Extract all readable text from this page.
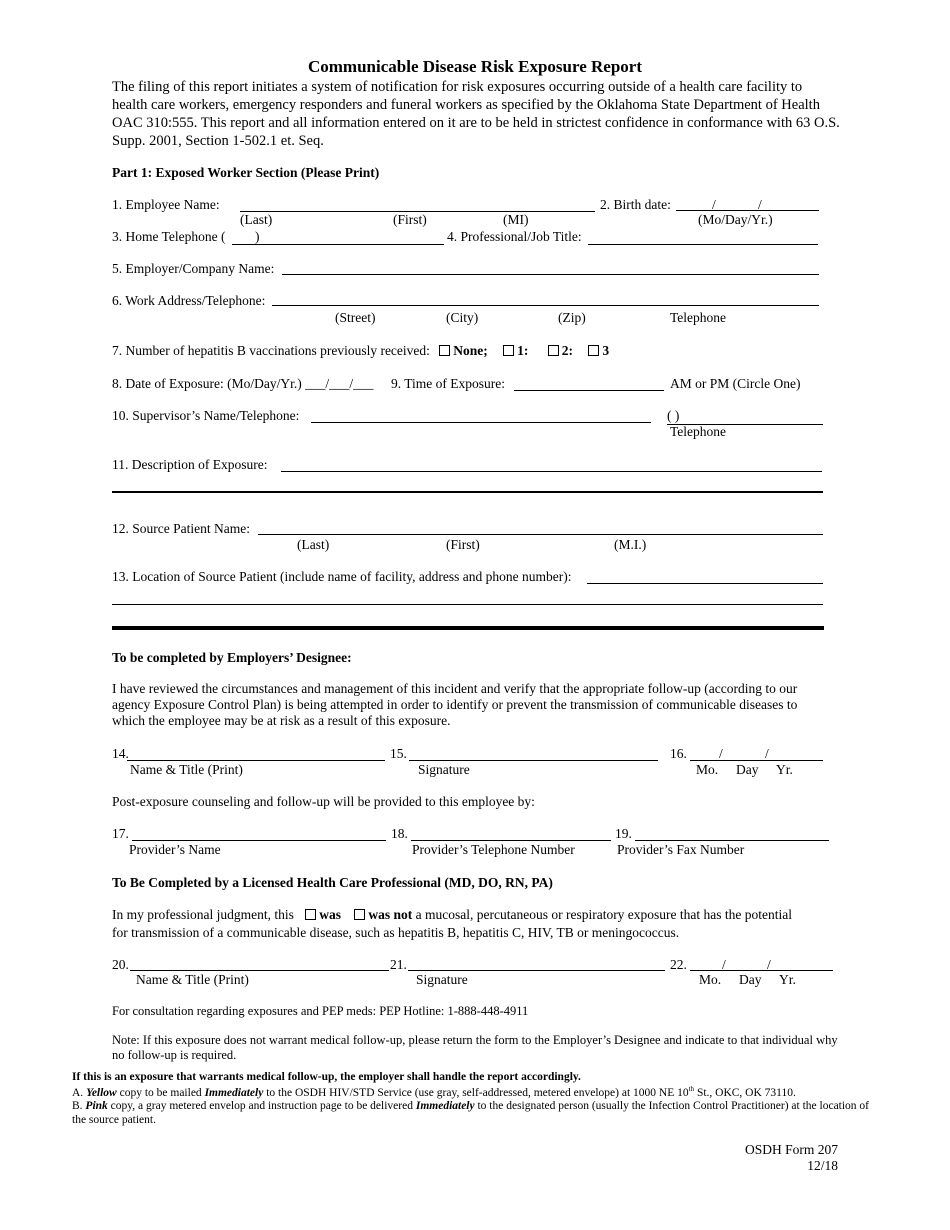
Communicable Disease Risk Exposure Report
The filing of this report initiates a system of notification for risk exposures occurring outside of a health care facility to health care workers, emergency responders and funeral workers as specified by the Oklahoma State Department of Health OAC 310:555. This report and all information entered on it are to be held in strictest confidence in conformance with 63 O.S. Supp. 2001, Section 1-502.1 et. Seq.
Part 1: Exposed Worker Section (Please Print)
1. Employee Name:
(Last)	(First)	(MI)
2. Birth date:	/	/
(Mo/Day/Yr.)
3. Home Telephone ( )	4. Professional/Job Title:
5. Employer/Company Name:
6. Work Address/Telephone:
(Street)	(City)	(Zip)	Telephone
7. Number of hepatitis B vaccinations previously received: None; 1: 2: 3
8. Date of Exposure: (Mo/Day/Yr.) ___/___/___ 9. Time of Exposure:	AM or PM (Circle One)
10. Supervisor’s Name/Telephone:	( )
Telephone
11. Description of Exposure:
12. Source Patient Name:
(Last)	(First)	(M.I.)
13. Location of Source Patient (include name of facility, address and phone number):
To be completed by Employers’ Designee:
I have reviewed the circumstances and management of this incident and verify that the appropriate follow-up (according to our agency Exposure Control Plan) is being attempted in order to identify or prevent the transmission of communicable diseases to which the employee may be at risk as a result of this exposure.
14.
Name & Title (Print)
15.
Signature
16. /	/
Mo. Day Yr.
Post-exposure counseling and follow-up will be provided to this employee by:
17.
Provider’s Name
18.
Provider’s Telephone Number
19.
Provider’s Fax Number
To Be Completed by a Licensed Health Care Professional (MD, DO, RN, PA)
In my professional judgment, this was was not a mucosal, percutaneous or respiratory exposure that has the potential
for transmission of a communicable disease, such as hepatitis B, hepatitis C, HIV, TB or meningococcus.
20.
Name & Title (Print)
21.
Signature
22.	/	/
Mo. Day Yr.
For consultation regarding exposures and PEP meds: PEP Hotline: 1-888-448-4911
Note: If this exposure does not warrant medical follow-up, please return the form to the Employer’s Designee and indicate to that individual why no follow-up is required.
If this is an exposure that warrants medical follow-up, the employer shall handle the report accordingly.
A. Yellow copy to be mailed Immediately to the OSDH HIV/STD Service (use gray, self-addressed, metered envelope) at 1000 NE 10th St., OKC, OK 73110.
B. Pink copy, a gray metered envelop and instruction page to be delivered Immediately to the designated person (usually the Infection Control Practitioner) at the location of the source patient.
OSDH Form 207
12/18
